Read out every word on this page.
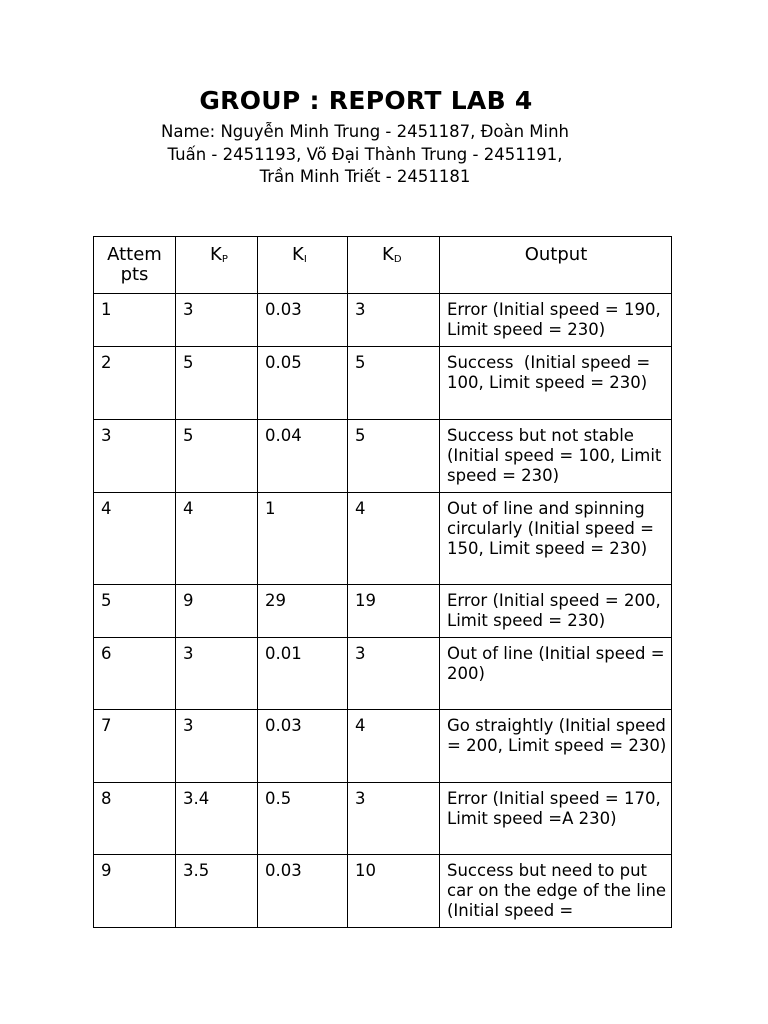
GROUP : REPORT LAB 4
Name: Nguyễn Minh Trung - 2451187, Đoàn Minh
Tuấn - 2451193, Võ Đại Thành Trung - 2451191,
Trần Minh Triết - 2451181
Attem
pts	$K_P$	$K_I$	$K_D$	Output
1	3	0.03	3	Error (Initial speed = 190, Limit speed = 230)

2	5	0.05	5	Success  (Initial speed = 100, Limit speed = 230)

3	5	0.04	5	Success but not stable (Initial speed = 100, Limit speed = 230)

4	4	1	4	Out of line and spinning circularly (Initial speed = 150, Limit speed = 230)

5	9	29	19	Error (Initial speed = 200, Limit speed = 230)

6	3	0.01	3	Out of line (Initial speed = 200)

7	3	0.03	4	Go straightly (Initial speed = 200, Limit speed = 230)

8	3.4	0.5	3	Error (Initial speed = 170, Limit speed =A 230)

9	3.5	0.03	10	Success but need to put car on the edge of the line (Initial speed =
